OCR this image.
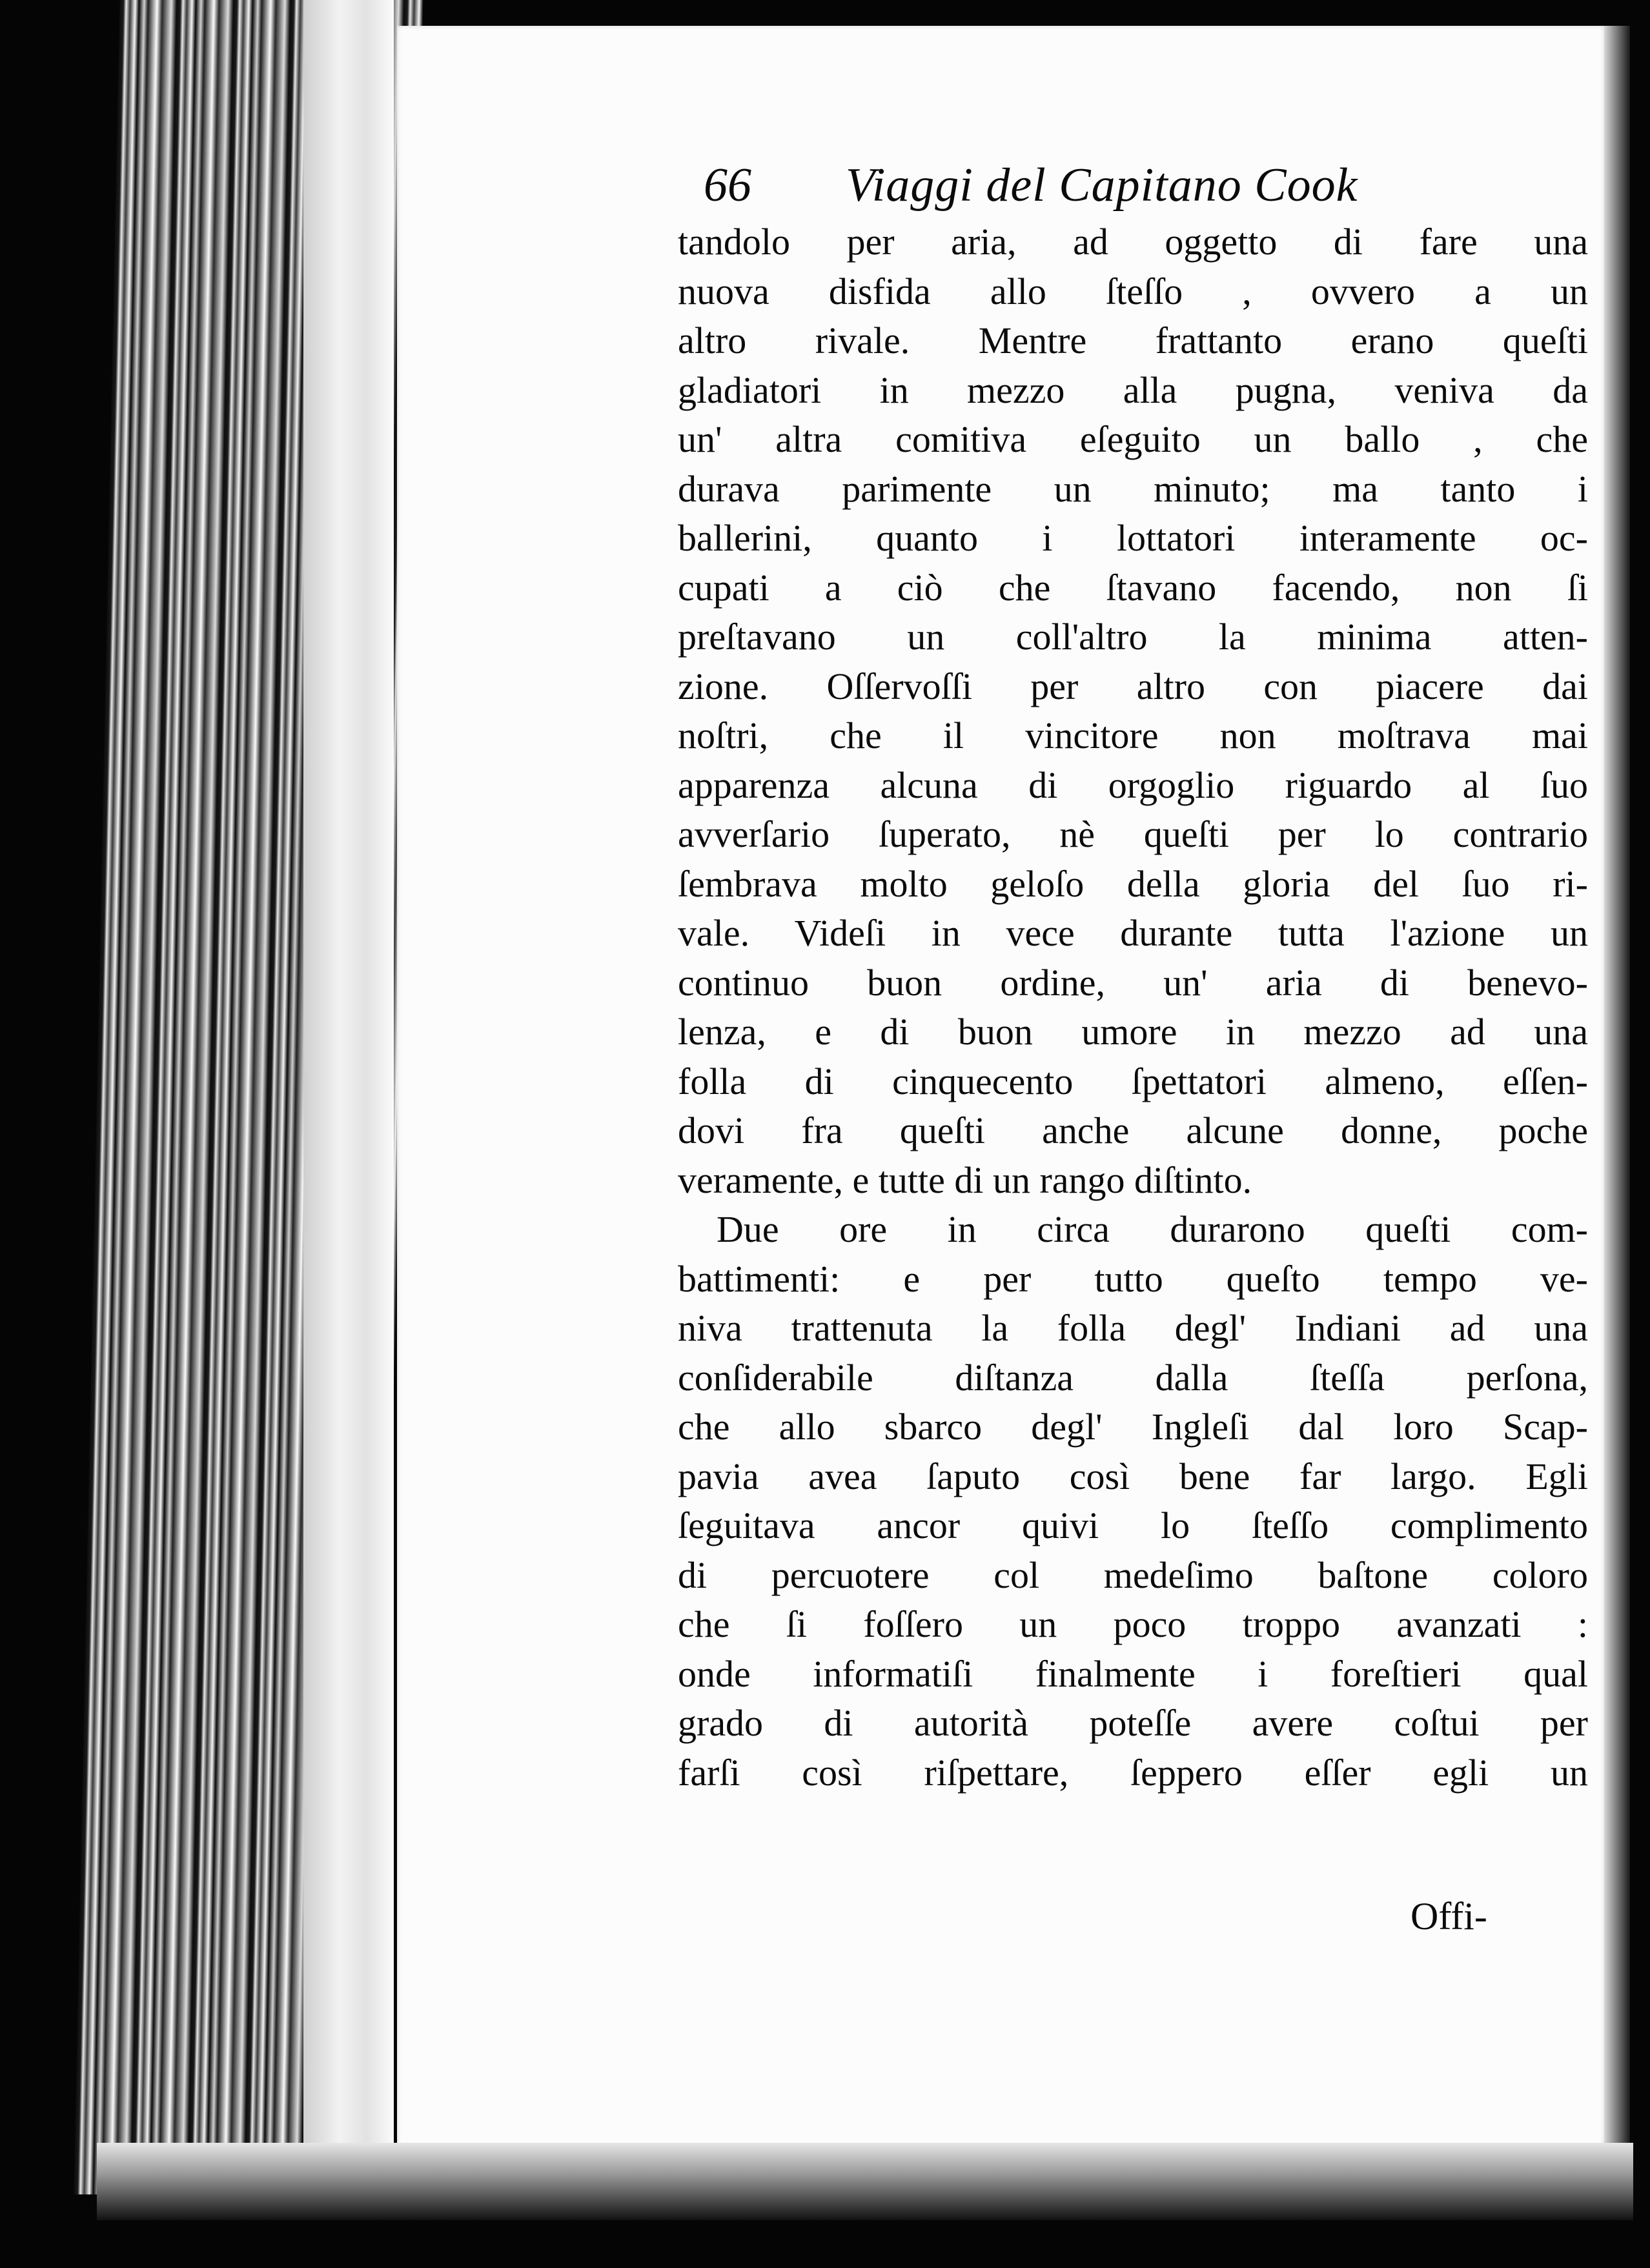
66	Viaggi del Capitano Cook
tandolo per aria, ad oggetto di fare una
nuova disfida allo ſteſſo , ovvero a un
altro rivale. Mentre frattanto erano queſti
gladiatori in mezzo alla pugna, veniva da
un' altra comitiva eſeguito un ballo , che
durava parimente un minuto; ma tanto i
ballerini, quanto i lottatori interamente oc-
cupati a ciò che ſtavano facendo, non ſi
preſtavano un coll'altro la minima atten-
zione. Oſſervoſſi per altro con piacere dai
noſtri, che il vincitore non moſtrava mai
apparenza alcuna di orgoglio riguardo al ſuo
avverſario ſuperato, nè queſti per lo contrario
ſembrava molto geloſo della gloria del ſuo ri-
vale. Videſi in vece durante tutta l'azione un
continuo buon ordine, un' aria di benevo-
lenza, e di buon umore in mezzo ad una
folla di cinquecento ſpettatori almeno, eſſen-
dovi fra queſti anche alcune donne, poche
veramente, e tutte di un rango diſtinto.
Due ore in circa durarono queſti com-
battimenti: e per tutto queſto tempo ve-
niva trattenuta la folla degl' Indiani ad una
conſiderabile diſtanza dalla ſteſſa perſona,
che allo sbarco degl' Ingleſi dal loro Scap-
pavia avea ſaputo così bene far largo. Egli
ſeguitava ancor quivi lo ſteſſo complimento
di percuotere col medeſimo baſtone coloro
che ſi foſſero un poco troppo avanzati :
onde informatiſi finalmente i foreſtieri qual
grado di autorità poteſſe avere coſtui per
farſi così riſpettare, ſeppero eſſer egli un
Offi-
